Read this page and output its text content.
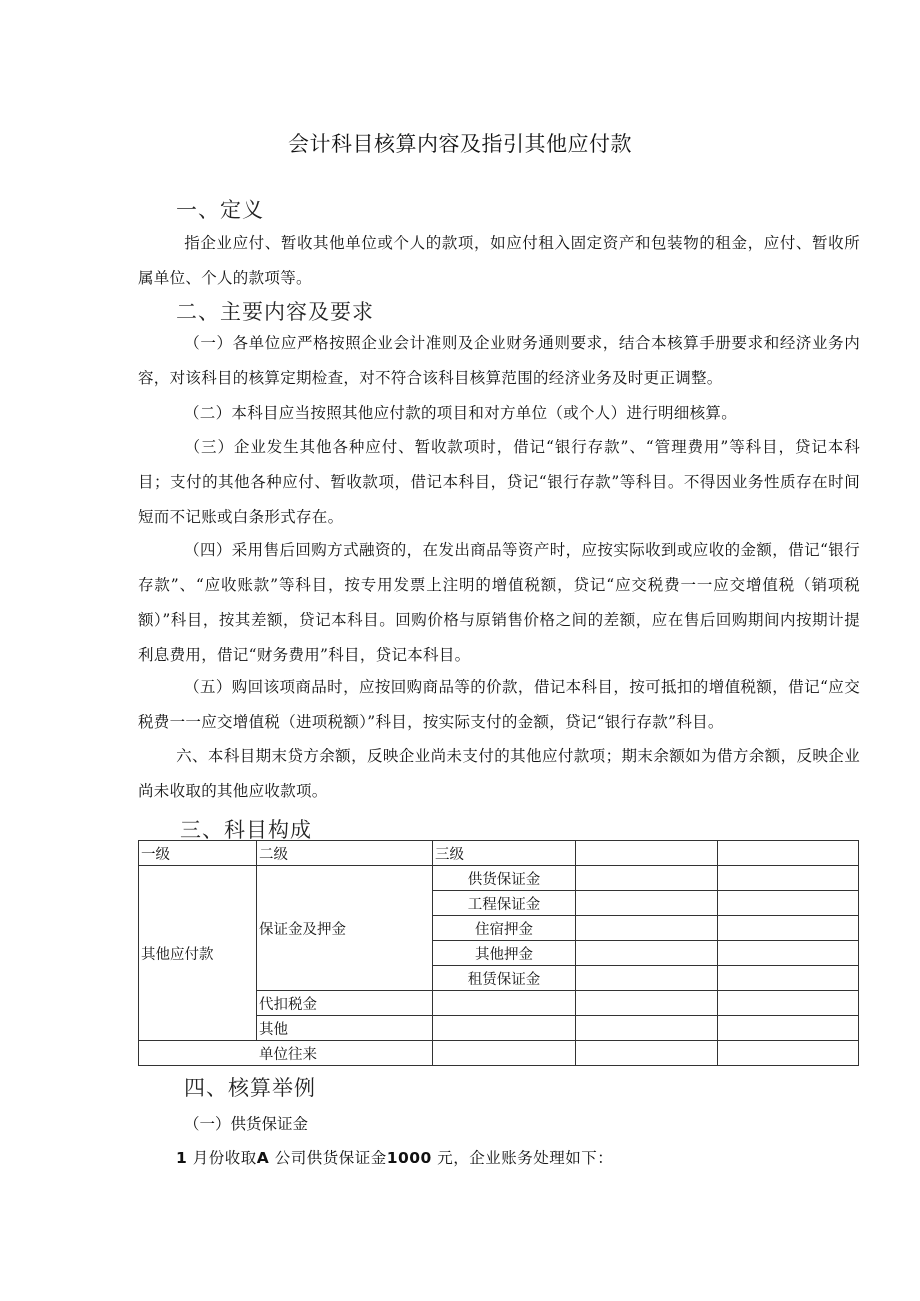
会计科目核算内容及指引其他应付款
一、定义
指企业应付、暂收其他单位或个人的款项，如应付租入固定资产和包装物的租金，应付、暂收所属单位、个人的款项等。
二、主要内容及要求
（一）各单位应严格按照企业会计准则及企业财务通则要求，结合本核算手册要求和经济业务内容，对该科目的核算定期检查，对不符合该科目核算范围的经济业务及时更正调整。
（二）本科目应当按照其他应付款的项目和对方单位（或个人）进行明细核算。
（三）企业发生其他各种应付、暂收款项时，借记“银行存款”、“管理费用”等科目，贷记本科目；支付的其他各种应付、暂收款项，借记本科目，贷记“银行存款”等科目。不得因业务性质存在时间短而不记账或白条形式存在。
（四）采用售后回购方式融资的，在发出商品等资产时，应按实际收到或应收的金额，借记“银行存款”、“应收账款”等科目，按专用发票上注明的增值税额，贷记“应交税费一一应交增值税（销项税额）”科目，按其差额，贷记本科目。回购价格与原销售价格之间的差额，应在售后回购期间内按期计提利息费用，借记“财务费用”科目，贷记本科目。
（五）购回该项商品时，应按回购商品等的价款，借记本科目，按可抵扣的增值税额，借记“应交税费一一应交增值税（进项税额）”科目，按实际支付的金额，贷记“银行存款”科目。
六、本科目期末贷方余额，反映企业尚未支付的其他应付款项；期末余额如为借方余额，反映企业尚未收取的其他应收款项。
三、科目构成
一级	二级	三级		
其他应付款	保证金及押金	供货保证金		
		工程保证金		
		住宿押金		
		其他押金		
		租赁保证金		
	代扣税金			
	其他			
单位往来				
四、核算举例
（一）供货保证金
1 月份收取A 公司供货保证金1000 元，企业账务处理如下：
